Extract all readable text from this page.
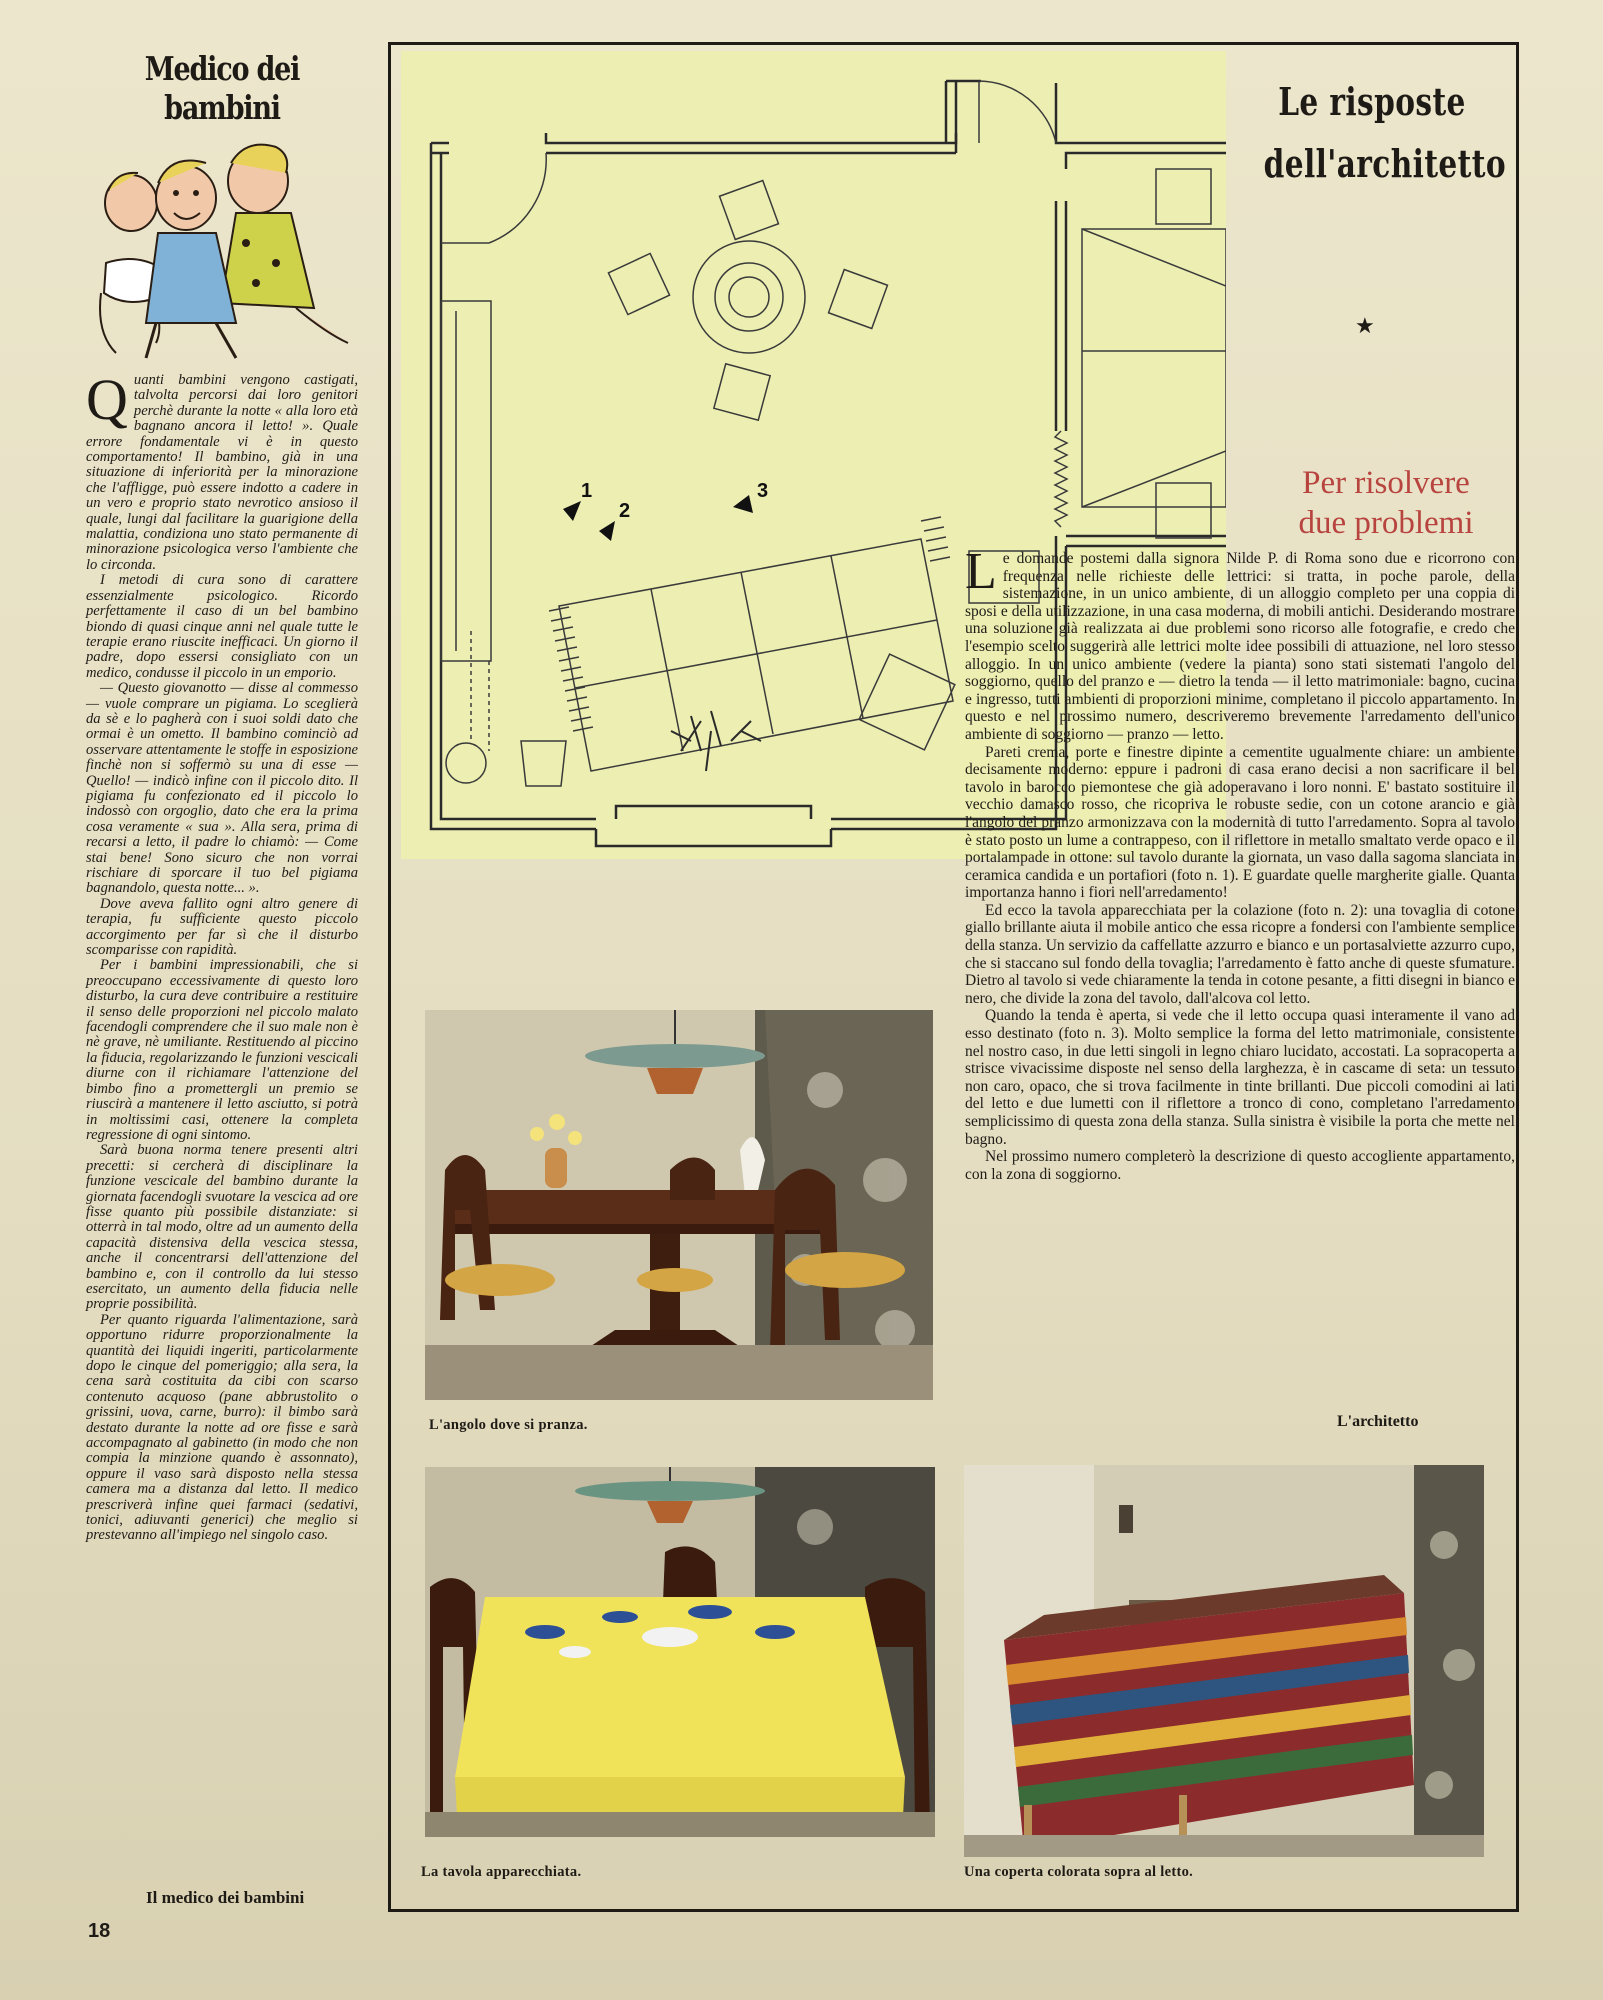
Medico dei bambini

Quanti bambini vengono castigati, talvolta percorsi dai loro genitori perchè durante la notte « alla loro età bagnano ancora il letto! ». Quale errore fondamentale vi è in questo comportamento! Il bambino, già in una situazione di inferiorità per la minorazione che l'affligge, può essere indotto a cadere in un vero e proprio stato nevrotico ansioso il quale, lungi dal facilitare la guarigione della malattia, condiziona uno stato permanente di minorazione psicologica verso l'ambiente che lo circonda.

I metodi di cura sono di carattere essenzialmente psicologico. Ricordo perfettamente il caso di un bel bambino biondo di quasi cinque anni nel quale tutte le terapie erano riuscite inefficaci. Un giorno il padre, dopo essersi consigliato con un medico, condusse il piccolo in un emporio.

— Questo giovanotto — disse al commesso — vuole comprare un pigiama. Lo sceglierà da sè e lo pagherà con i suoi soldi dato che ormai è un ometto. Il bambino cominciò ad osservare attentamente le stoffe in esposizione finchè non si soffermò su una di esse — Quello! — indicò infine con il piccolo dito. Il pigiama fu confezionato ed il piccolo lo indossò con orgoglio, dato che era la prima cosa veramente « sua ». Alla sera, prima di recarsi a letto, il padre lo chiamò: — Come stai bene! Sono sicuro che non vorrai rischiare di sporcare il tuo bel pigiama bagnandolo, questa notte... ».

Dove aveva fallito ogni altro genere di terapia, fu sufficiente questo piccolo accorgimento per far sì che il disturbo scomparisse con rapidità.

Per i bambini impressionabili, che si preoccupano eccessivamente di questo loro disturbo, la cura deve contribuire a restituire il senso delle proporzioni nel piccolo malato facendogli comprendere che il suo male non è nè grave, nè umiliante. Restituendo al piccino la fiducia, regolarizzando le funzioni vescicali diurne con il richiamare l'attenzione del bimbo fino a promettergli un premio se riuscirà a mantenere il letto asciutto, si potrà in moltissimi casi, ottenere la completa regressione di ogni sintomo.

Sarà buona norma tenere presenti altri precetti: si cercherà di disciplinare la funzione vescicale del bambino durante la giornata facendogli svuotare la vescica ad ore fisse quanto più possibile distanziate: si otterrà in tal modo, oltre ad un aumento della capacità distensiva della vescica stessa, anche il concentrarsi dell'attenzione del bambino e, con il controllo da lui stesso esercitato, un aumento della fiducia nelle proprie possibilità.

Per quanto riguarda l'alimentazione, sarà opportuno ridurre proporzionalmente la quantità dei liquidi ingeriti, particolarmente dopo le cinque del pomeriggio; alla sera, la cena sarà costituita da cibi con scarso contenuto acquoso (pane abbrustolito o grissini, uova, carne, burro): il bimbo sarà destato durante la notte ad ore fisse e sarà accompagnato al gabinetto (in modo che non compia la minzione quando è assonnato), oppure il vaso sarà disposto nella stessa camera ma a distanza dal letto. Il medico prescriverà infine quei farmaci (sedativi, tonici, adiuvanti generici) che meglio si prestevanno all'impiego nel singolo caso.

Il medico dei bambini
18
1
2
3
Le risposte
dell'architetto
★
Per risolvere
due problemi

Le domande postemi dalla signora Nilde P. di Roma sono due e ricorrono con frequenza nelle richieste delle lettrici: si tratta, in poche parole, della sistemazione, in un unico ambiente, di un alloggio completo per una coppia di sposi e della utilizzazione, in una casa moderna, di mobili antichi. Desiderando mostrare una soluzione già realizzata ai due problemi sono ricorso alle fotografie, e credo che l'esempio scelto suggerirà alle lettrici molte idee possibili di attuazione, nel loro stesso alloggio. In un unico ambiente (vedere la pianta) sono stati sistemati l'angolo del soggiorno, quello del pranzo e — dietro la tenda — il letto matrimoniale: bagno, cucina e ingresso, tutti ambienti di proporzioni minime, completano il piccolo appartamento. In questo e nel prossimo numero, descriveremo brevemente l'arredamento dell'unico ambiente di soggiorno — pranzo — letto.

Pareti crema, porte e finestre dipinte a cementite ugualmente chiare: un ambiente decisamente moderno: eppure i padroni di casa erano decisi a non sacrificare il bel tavolo in barocco piemontese che già adoperavano i loro nonni. E' bastato sostituire il vecchio damasco rosso, che ricopriva le robuste sedie, con un cotone arancio e già l'angolo del pranzo armonizzava con la modernità di tutto l'arredamento. Sopra al tavolo è stato posto un lume a contrappeso, con il riflettore in metallo smaltato verde opaco e il portalampade in ottone: sul tavolo durante la giornata, un vaso dalla sagoma slanciata in ceramica candida e un portafiori (foto n. 1). E guardate quelle margherite gialle. Quanta importanza hanno i fiori nell'arredamento!

Ed ecco la tavola apparecchiata per la colazione (foto n. 2): una tovaglia di cotone giallo brillante aiuta il mobile antico che essa ricopre a fondersi con l'ambiente semplice della stanza. Un servizio da caffellatte azzurro e bianco e un portasalviette azzurro cupo, che si staccano sul fondo della tovaglia; l'arredamento è fatto anche di queste sfumature. Dietro al tavolo si vede chiaramente la tenda in cotone pesante, a fitti disegni in bianco e nero, che divide la zona del tavolo, dall'alcova col letto.

Quando la tenda è aperta, si vede che il letto occupa quasi interamente il vano ad esso destinato (foto n. 3). Molto semplice la forma del letto matrimoniale, consistente nel nostro caso, in due letti singoli in legno chiaro lucidato, accostati. La sopracoperta a strisce vivacissime disposte nel senso della larghezza, è in cascame di seta: un tessuto non caro, opaco, che si trova facilmente in tinte brillanti. Due piccoli comodini ai lati del letto e due lumetti con il riflettore a tronco di cono, completano l'arredamento semplicissimo di questa zona della stanza. Sulla sinistra è visibile la porta che mette nel bagno.

Nel prossimo numero completerò la descrizione di questo accogliente appartamento, con la zona di soggiorno.

L'architetto
L'angolo dove si pranza.
La tavola apparecchiata.	Una coperta colorata sopra al letto.
